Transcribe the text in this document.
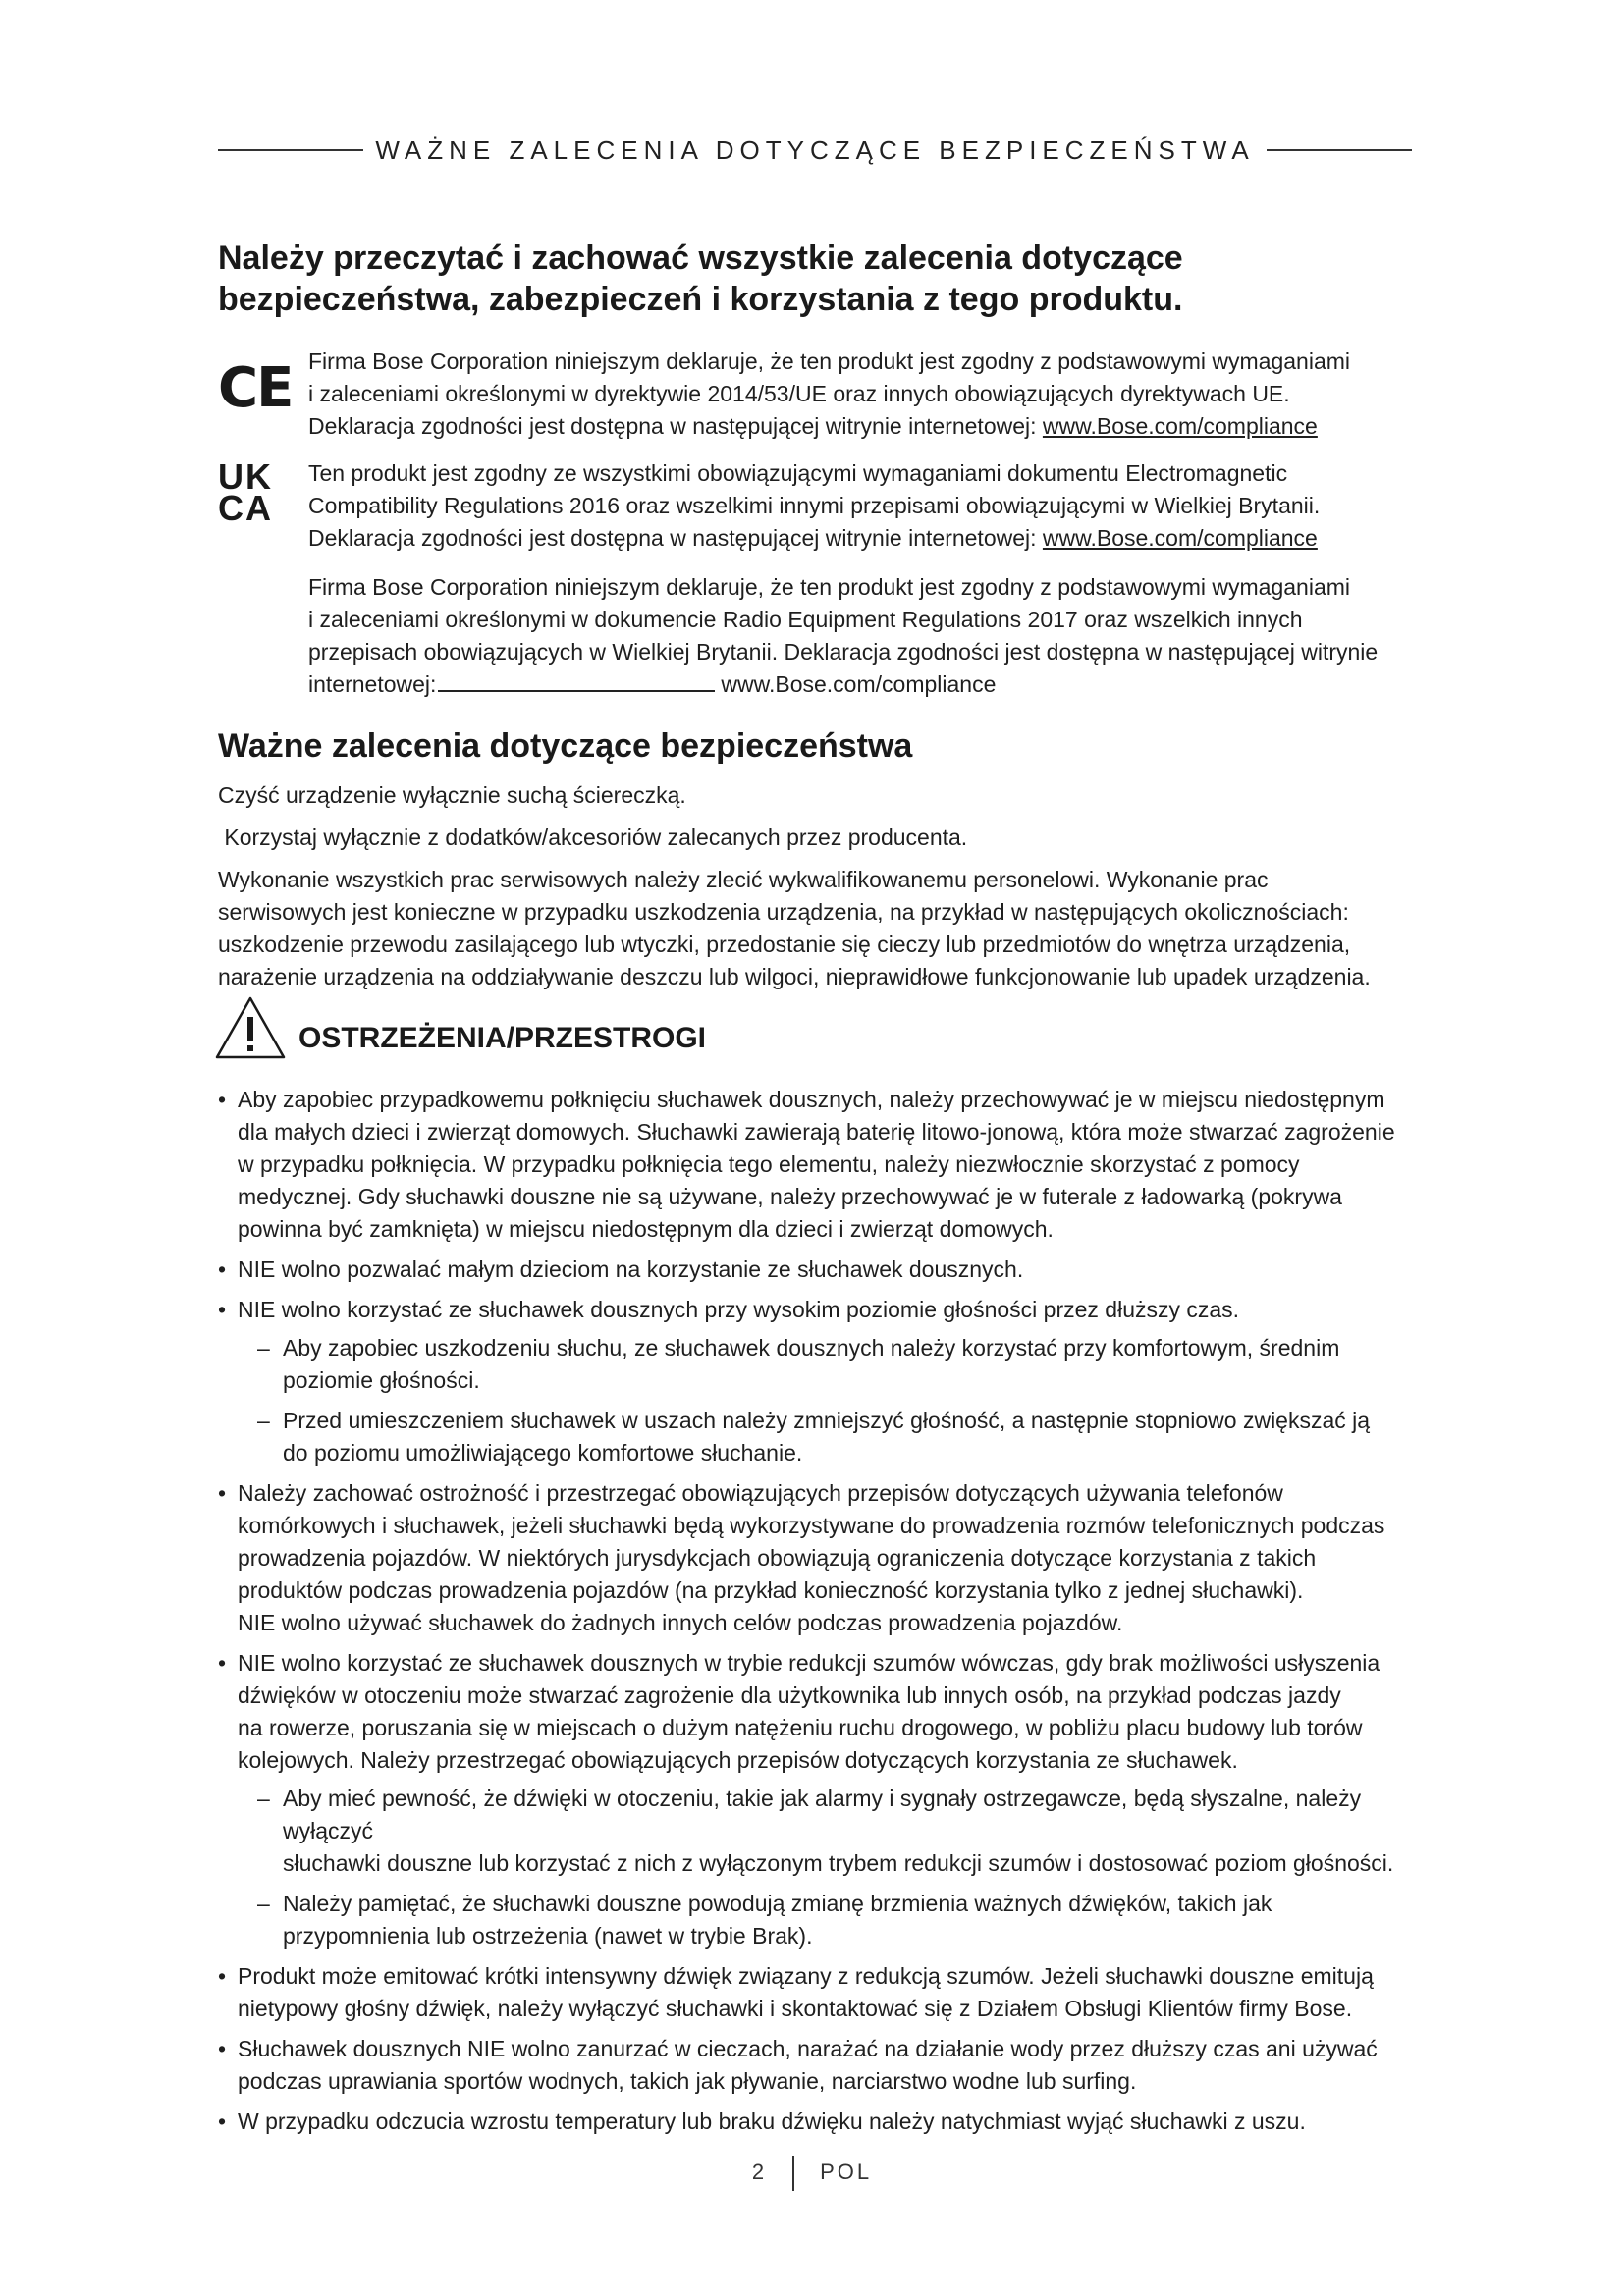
WAŻNE ZALECENIA DOTYCZĄCE BEZPIECZEŃSTWA
Należy przeczytać i zachować wszystkie zalecenia dotyczące
bezpieczeństwa, zabezpieczeń i korzystania z tego produktu.
CE Firma Bose Corporation niniejszym deklaruje, że ten produkt jest zgodny z podstawowymi wymaganiami

i zaleceniami określonymi w dyrektywie 2014/53/UE oraz innych obowiązujących dyrektywach UE.

Deklaracja zgodności jest dostępna w następującej witrynie internetowej: www.Bose.com/compliance

UK
CA

Ten produkt jest zgodny ze wszystkimi obowiązującymi wymaganiami dokumentu Electromagnetic

Compatibility Regulations 2016 oraz wszelkimi innymi przepisami obowiązującymi w Wielkiej Brytanii.

Deklaracja zgodności jest dostępna w następującej witrynie internetowej: www.Bose.com/compliance

Firma Bose Corporation niniejszym deklaruje, że ten produkt jest zgodny z podstawowymi wymaganiami

i zaleceniami określonymi w dokumencie Radio Equipment Regulations 2017 oraz wszelkich innych

przepisach obowiązujących w Wielkiej Brytanii. Deklaracja zgodności jest dostępna w następującej witrynie

internetowej:	www.Bose.com/compliance

Ważne zalecenia dotyczące bezpieczeństwa

Czyść urządzenie wyłącznie suchą ściereczką.

Korzystaj wyłącznie z dodatków/akcesoriów zalecanych przez producenta.

Wykonanie wszystkich prac serwisowych należy zlecić wykwalifikowanemu personelowi. Wykonanie prac

serwisowych jest konieczne w przypadku uszkodzenia urządzenia, na przykład w następujących okolicznościach:

uszkodzenie przewodu zasilającego lub wtyczki, przedostanie się cieczy lub przedmiotów do wnętrza urządzenia,

narażenie urządzenia na oddziaływanie deszczu lub wilgoci, nieprawidłowe funkcjonowanie lub upadek urządzenia.

OSTRZEŻENIA/PRZESTROGI
• Aby zapobiec przypadkowemu połknięciu słuchawek dousznych, należy przechowywać je w miejscu niedostępnym
dla małych dzieci i zwierząt domowych. Słuchawki zawierają baterię litowo-jonową, która może stwarzać zagrożenie
w przypadku połknięcia. W przypadku połknięcia tego elementu, należy niezwłocznie skorzystać z pomocy
medycznej. Gdy słuchawki douszne nie są używane, należy przechowywać je w futerale z ładowarką (pokrywa
powinna być zamknięta) w miejscu niedostępnym dla dzieci i zwierząt domowych.
• NIE wolno pozwalać małym dzieciom na korzystanie ze słuchawek dousznych.
• NIE wolno korzystać ze słuchawek dousznych przy wysokim poziomie głośności przez dłuższy czas.
– Aby zapobiec uszkodzeniu słuchu, ze słuchawek dousznych należy korzystać przy komfortowym, średnim
poziomie głośności.
– Przed umieszczeniem słuchawek w uszach należy zmniejszyć głośność, a następnie stopniowo zwiększać ją
do poziomu umożliwiającego komfortowe słuchanie.
• Należy zachować ostrożność i przestrzegać obowiązujących przepisów dotyczących używania telefonów
komórkowych i słuchawek, jeżeli słuchawki będą wykorzystywane do prowadzenia rozmów telefonicznych podczas
prowadzenia pojazdów. W niektórych jurysdykcjach obowiązują ograniczenia dotyczące korzystania z takich
produktów podczas prowadzenia pojazdów (na przykład konieczność korzystania tylko z jednej słuchawki).
NIE wolno używać słuchawek do żadnych innych celów podczas prowadzenia pojazdów.
• NIE wolno korzystać ze słuchawek dousznych w trybie redukcji szumów wówczas, gdy brak możliwości usłyszenia
dźwięków w otoczeniu może stwarzać zagrożenie dla użytkownika lub innych osób, na przykład podczas jazdy
na rowerze, poruszania się w miejscach o dużym natężeniu ruchu drogowego, w pobliżu placu budowy lub torów
kolejowych. Należy przestrzegać obowiązujących przepisów dotyczących korzystania ze słuchawek.
– Aby mieć pewność, że dźwięki w otoczeniu, takie jak alarmy i sygnały ostrzegawcze, będą słyszalne, należy wyłączyć
słuchawki douszne lub korzystać z nich z wyłączonym trybem redukcji szumów i dostosować poziom głośności.
– Należy pamiętać, że słuchawki douszne powodują zmianę brzmienia ważnych dźwięków, takich jak
przypomnienia lub ostrzeżenia (nawet w trybie Brak).
• Produkt może emitować krótki intensywny dźwięk związany z redukcją szumów. Jeżeli słuchawki douszne emitują
nietypowy głośny dźwięk, należy wyłączyć słuchawki i skontaktować się z Działem Obsługi Klientów firmy Bose.
• Słuchawek dousznych NIE wolno zanurzać w cieczach, narażać na działanie wody przez dłuższy czas ani używać
podczas uprawiania sportów wodnych, takich jak pływanie, narciarstwo wodne lub surfing.
• W przypadku odczucia wzrostu temperatury lub braku dźwięku należy natychmiast wyjąć słuchawki z uszu.
2 POL
